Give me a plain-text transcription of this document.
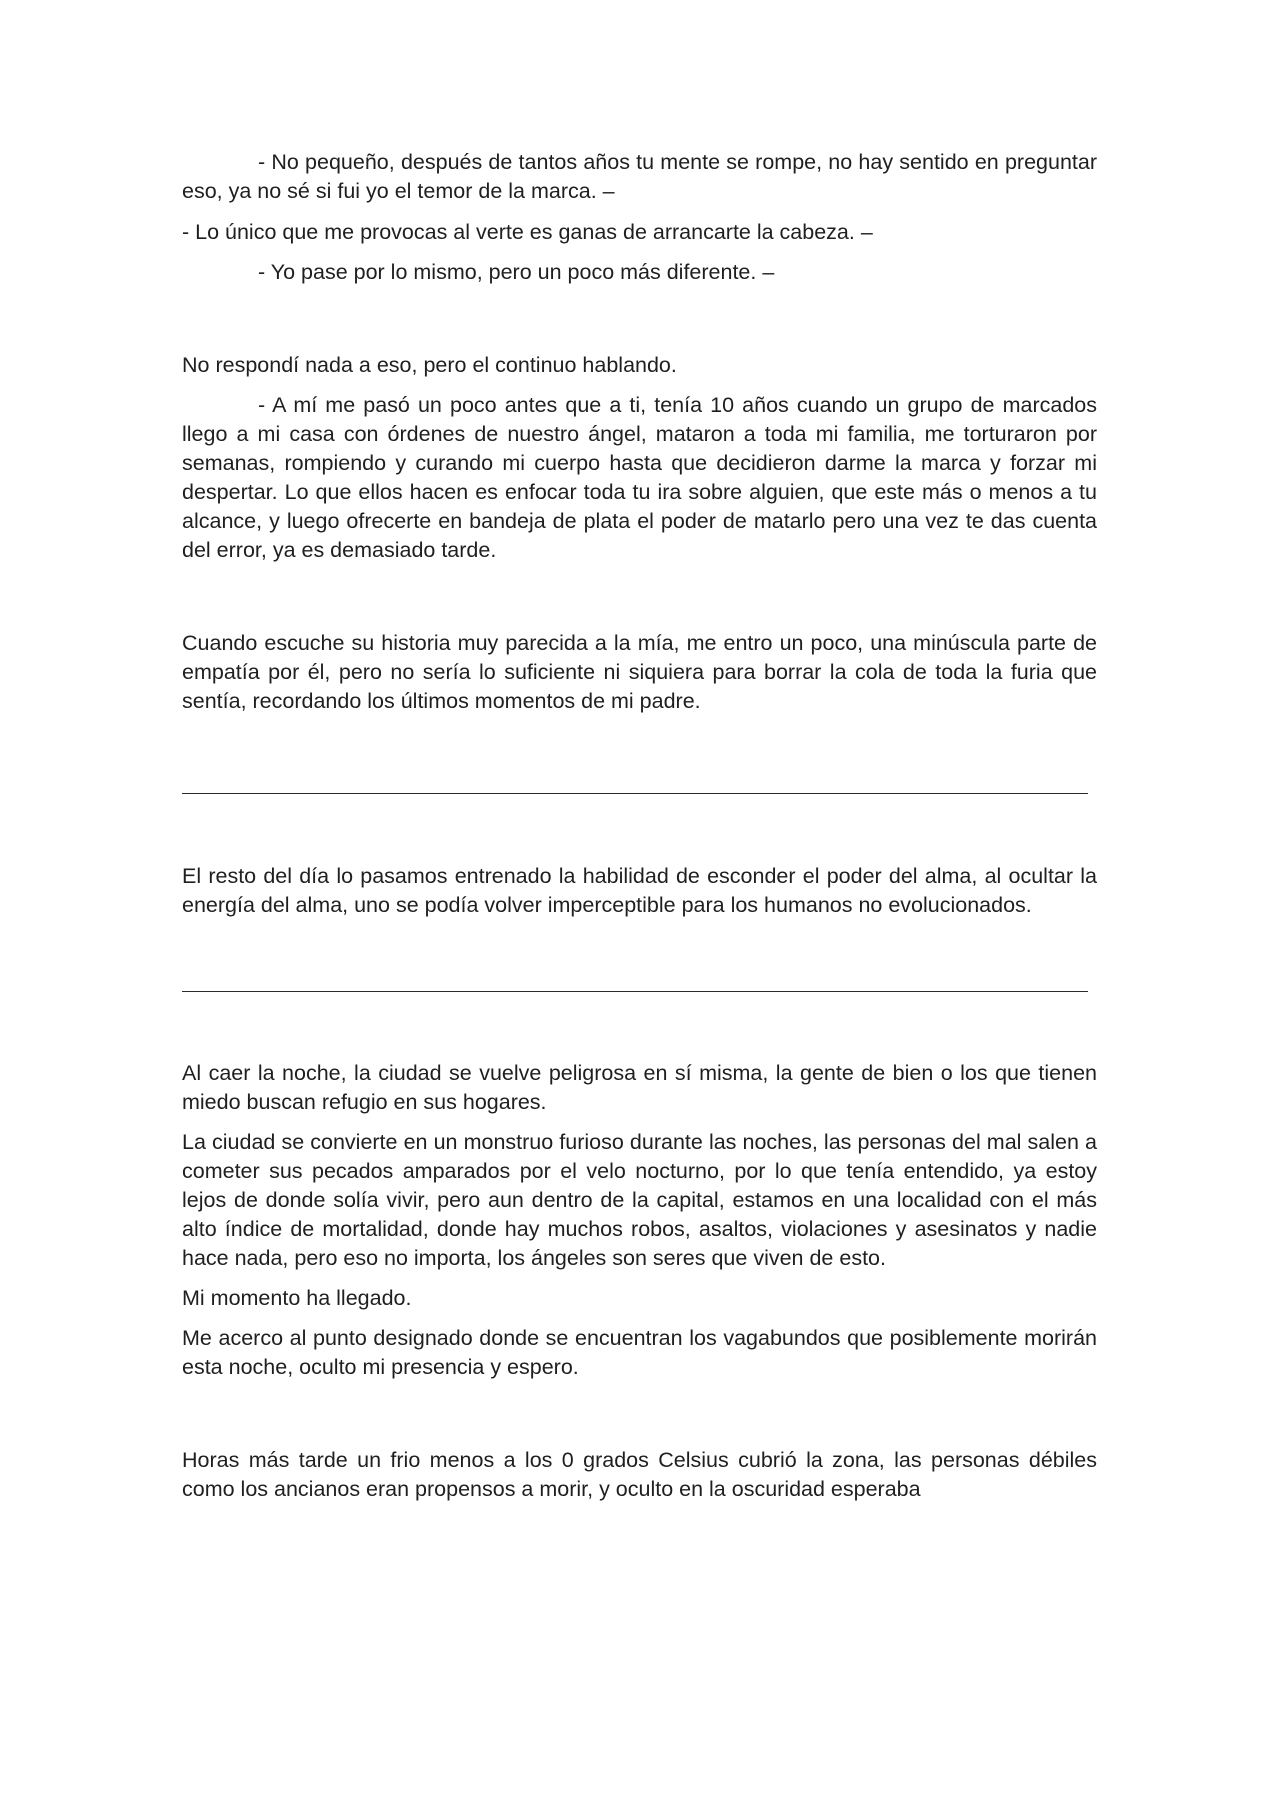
- No pequeño, después de tantos años tu mente se rompe, no hay sentido en preguntar eso, ya no sé si fui yo el temor de la marca. –

- Lo único que me provocas al verte es ganas de arrancarte la cabeza. –

- Yo pase por lo mismo, pero un poco más diferente. –

No respondí nada a eso, pero el continuo hablando.

- A mí me pasó un poco antes que a ti, tenía 10 años cuando un grupo de marcados llego a mi casa con órdenes de nuestro ángel, mataron a toda mi familia, me torturaron por semanas, rompiendo y curando mi cuerpo hasta que decidieron darme la marca y forzar mi despertar. Lo que ellos hacen es enfocar toda tu ira sobre alguien, que este más o menos a tu alcance, y luego ofrecerte en bandeja de plata el poder de matarlo pero una vez te das cuenta del error, ya es demasiado tarde.

Cuando escuche su historia muy parecida a la mía, me entro un poco, una minúscula parte de empatía por él, pero no sería lo suficiente ni siquiera para borrar la cola de toda la furia que sentía, recordando los últimos momentos de mi padre.

El resto del día lo pasamos entrenado la habilidad de esconder el poder del alma, al ocultar la energía del alma, uno se podía volver imperceptible para los humanos no evolucionados.

Al caer la noche, la ciudad se vuelve peligrosa en sí misma, la gente de bien o los que tienen miedo buscan refugio en sus hogares.

La ciudad se convierte en un monstruo furioso durante las noches, las personas del mal salen a cometer sus pecados amparados por el velo nocturno, por lo que tenía entendido, ya estoy lejos de donde solía vivir, pero aun dentro de la capital, estamos en una localidad con el más alto índice de mortalidad, donde hay muchos robos, asaltos, violaciones y asesinatos y nadie hace nada, pero eso no importa, los ángeles son seres que viven de esto.

Mi momento ha llegado.

Me acerco al punto designado donde se encuentran los vagabundos que posiblemente morirán esta noche, oculto mi presencia y espero.

Horas más tarde un frio menos a los 0 grados Celsius cubrió la zona, las personas débiles como los ancianos eran propensos a morir, y oculto en la oscuridad esperaba
